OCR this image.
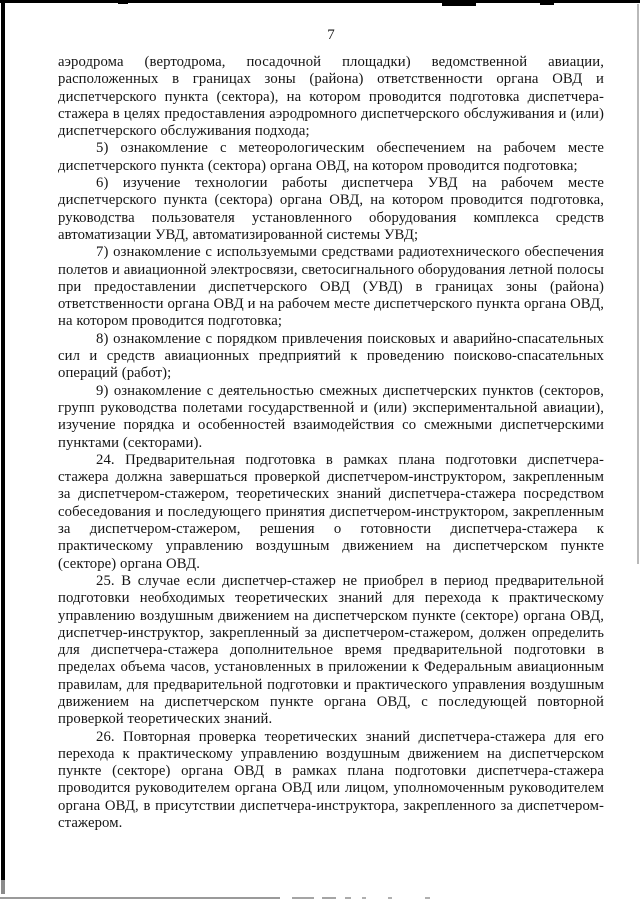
7

аэродрома (вертодрома, посадочной площадки) ведомственной авиации, расположенных в границах зоны (района) ответственности органа ОВД и диспетчерского пункта (сектора), на котором проводится подготовка диспетчера-стажера в целях предоставления аэродромного диспетчерского обслуживания и (или) диспетчерского обслуживания подхода;

5) ознакомление с метеорологическим обеспечением на рабочем месте диспетчерского пункта (сектора) органа ОВД, на котором проводится подготовка;

6) изучение технологии работы диспетчера УВД на рабочем месте диспетчерского пункта (сектора) органа ОВД, на котором проводится подготовка, руководства пользователя установленного оборудования комплекса средств автоматизации УВД, автоматизированной системы УВД;

7) ознакомление с используемыми средствами радиотехнического обеспечения полетов и авиационной электросвязи, светосигнального оборудования летной полосы при предоставлении диспетчерского ОВД (УВД) в границах зоны (района) ответственности органа ОВД и на рабочем месте диспетчерского пункта органа ОВД, на котором проводится подготовка;

8) ознакомление с порядком привлечения поисковых и аварийно-спасательных сил и средств авиационных предприятий к проведению поисково-спасательных операций (работ);

9) ознакомление с деятельностью смежных диспетчерских пунктов (секторов, групп руководства полетами государственной и (или) экспериментальной авиации), изучение порядка и особенностей взаимодействия со смежными диспетчерскими пунктами (секторами).

24. Предварительная подготовка в рамках плана подготовки диспетчера-стажера должна завершаться проверкой диспетчером-инструктором, закрепленным за диспетчером-стажером, теоретических знаний диспетчера-стажера посредством собеседования и последующего принятия диспетчером-инструктором, закрепленным за диспетчером-стажером, решения о готовности диспетчера-стажера к практическому управлению воздушным движением на диспетчерском пункте (секторе) органа ОВД.

25. В случае если диспетчер-стажер не приобрел в период предварительной подготовки необходимых теоретических знаний для перехода к практическому управлению воздушным движением на диспетчерском пункте (секторе) органа ОВД, диспетчер-инструктор, закрепленный за диспетчером-стажером, должен определить для диспетчера-стажера дополнительное время предварительной подготовки в пределах объема часов, установленных в приложении к Федеральным авиационным правилам, для предварительной подготовки и практического управления воздушным движением на диспетчерском пункте органа ОВД, с последующей повторной проверкой теоретических знаний.

26. Повторная проверка теоретических знаний диспетчера-стажера для его перехода к практическому управлению воздушным движением на диспетчерском пункте (секторе) органа ОВД в рамках плана подготовки диспетчера-стажера проводится руководителем органа ОВД или лицом, уполномоченным руководителем органа ОВД, в присутствии диспетчера-инструктора, закрепленного за диспетчером-стажером.
